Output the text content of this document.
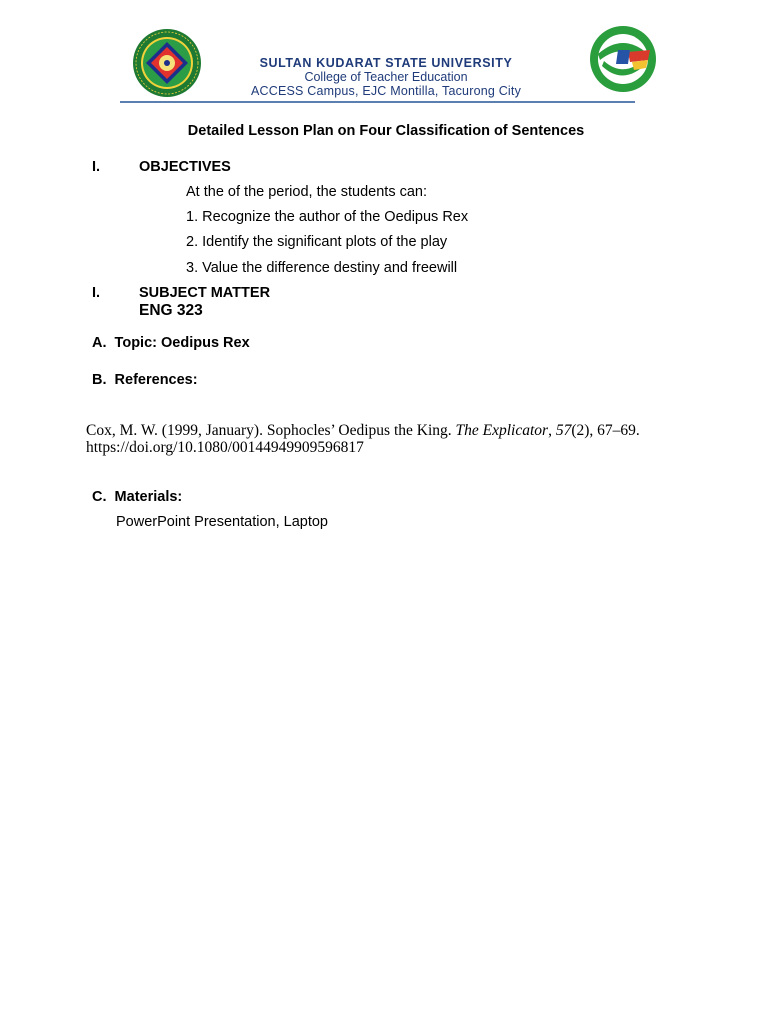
SULTAN KUDARAT STATE UNIVERSITY
College of Teacher Education
ACCESS Campus, EJC Montilla, Tacurong City
Detailed Lesson Plan on Four Classification of Sentences
I.	OBJECTIVES
At the of the period, the students can:
1. Recognize the author of the Oedipus Rex
2. Identify the significant plots of the play
3. Value the difference destiny and freewill
I.	SUBJECT MATTER
ENG 323
A.  Topic: Oedipus Rex
B.  References:
Cox, M. W. (1999, January). Sophocles’ Oedipus the King. The Explicator, 57(2), 67–69.
https://doi.org/10.1080/00144949909596817
C.  Materials:
PowerPoint Presentation, Laptop
